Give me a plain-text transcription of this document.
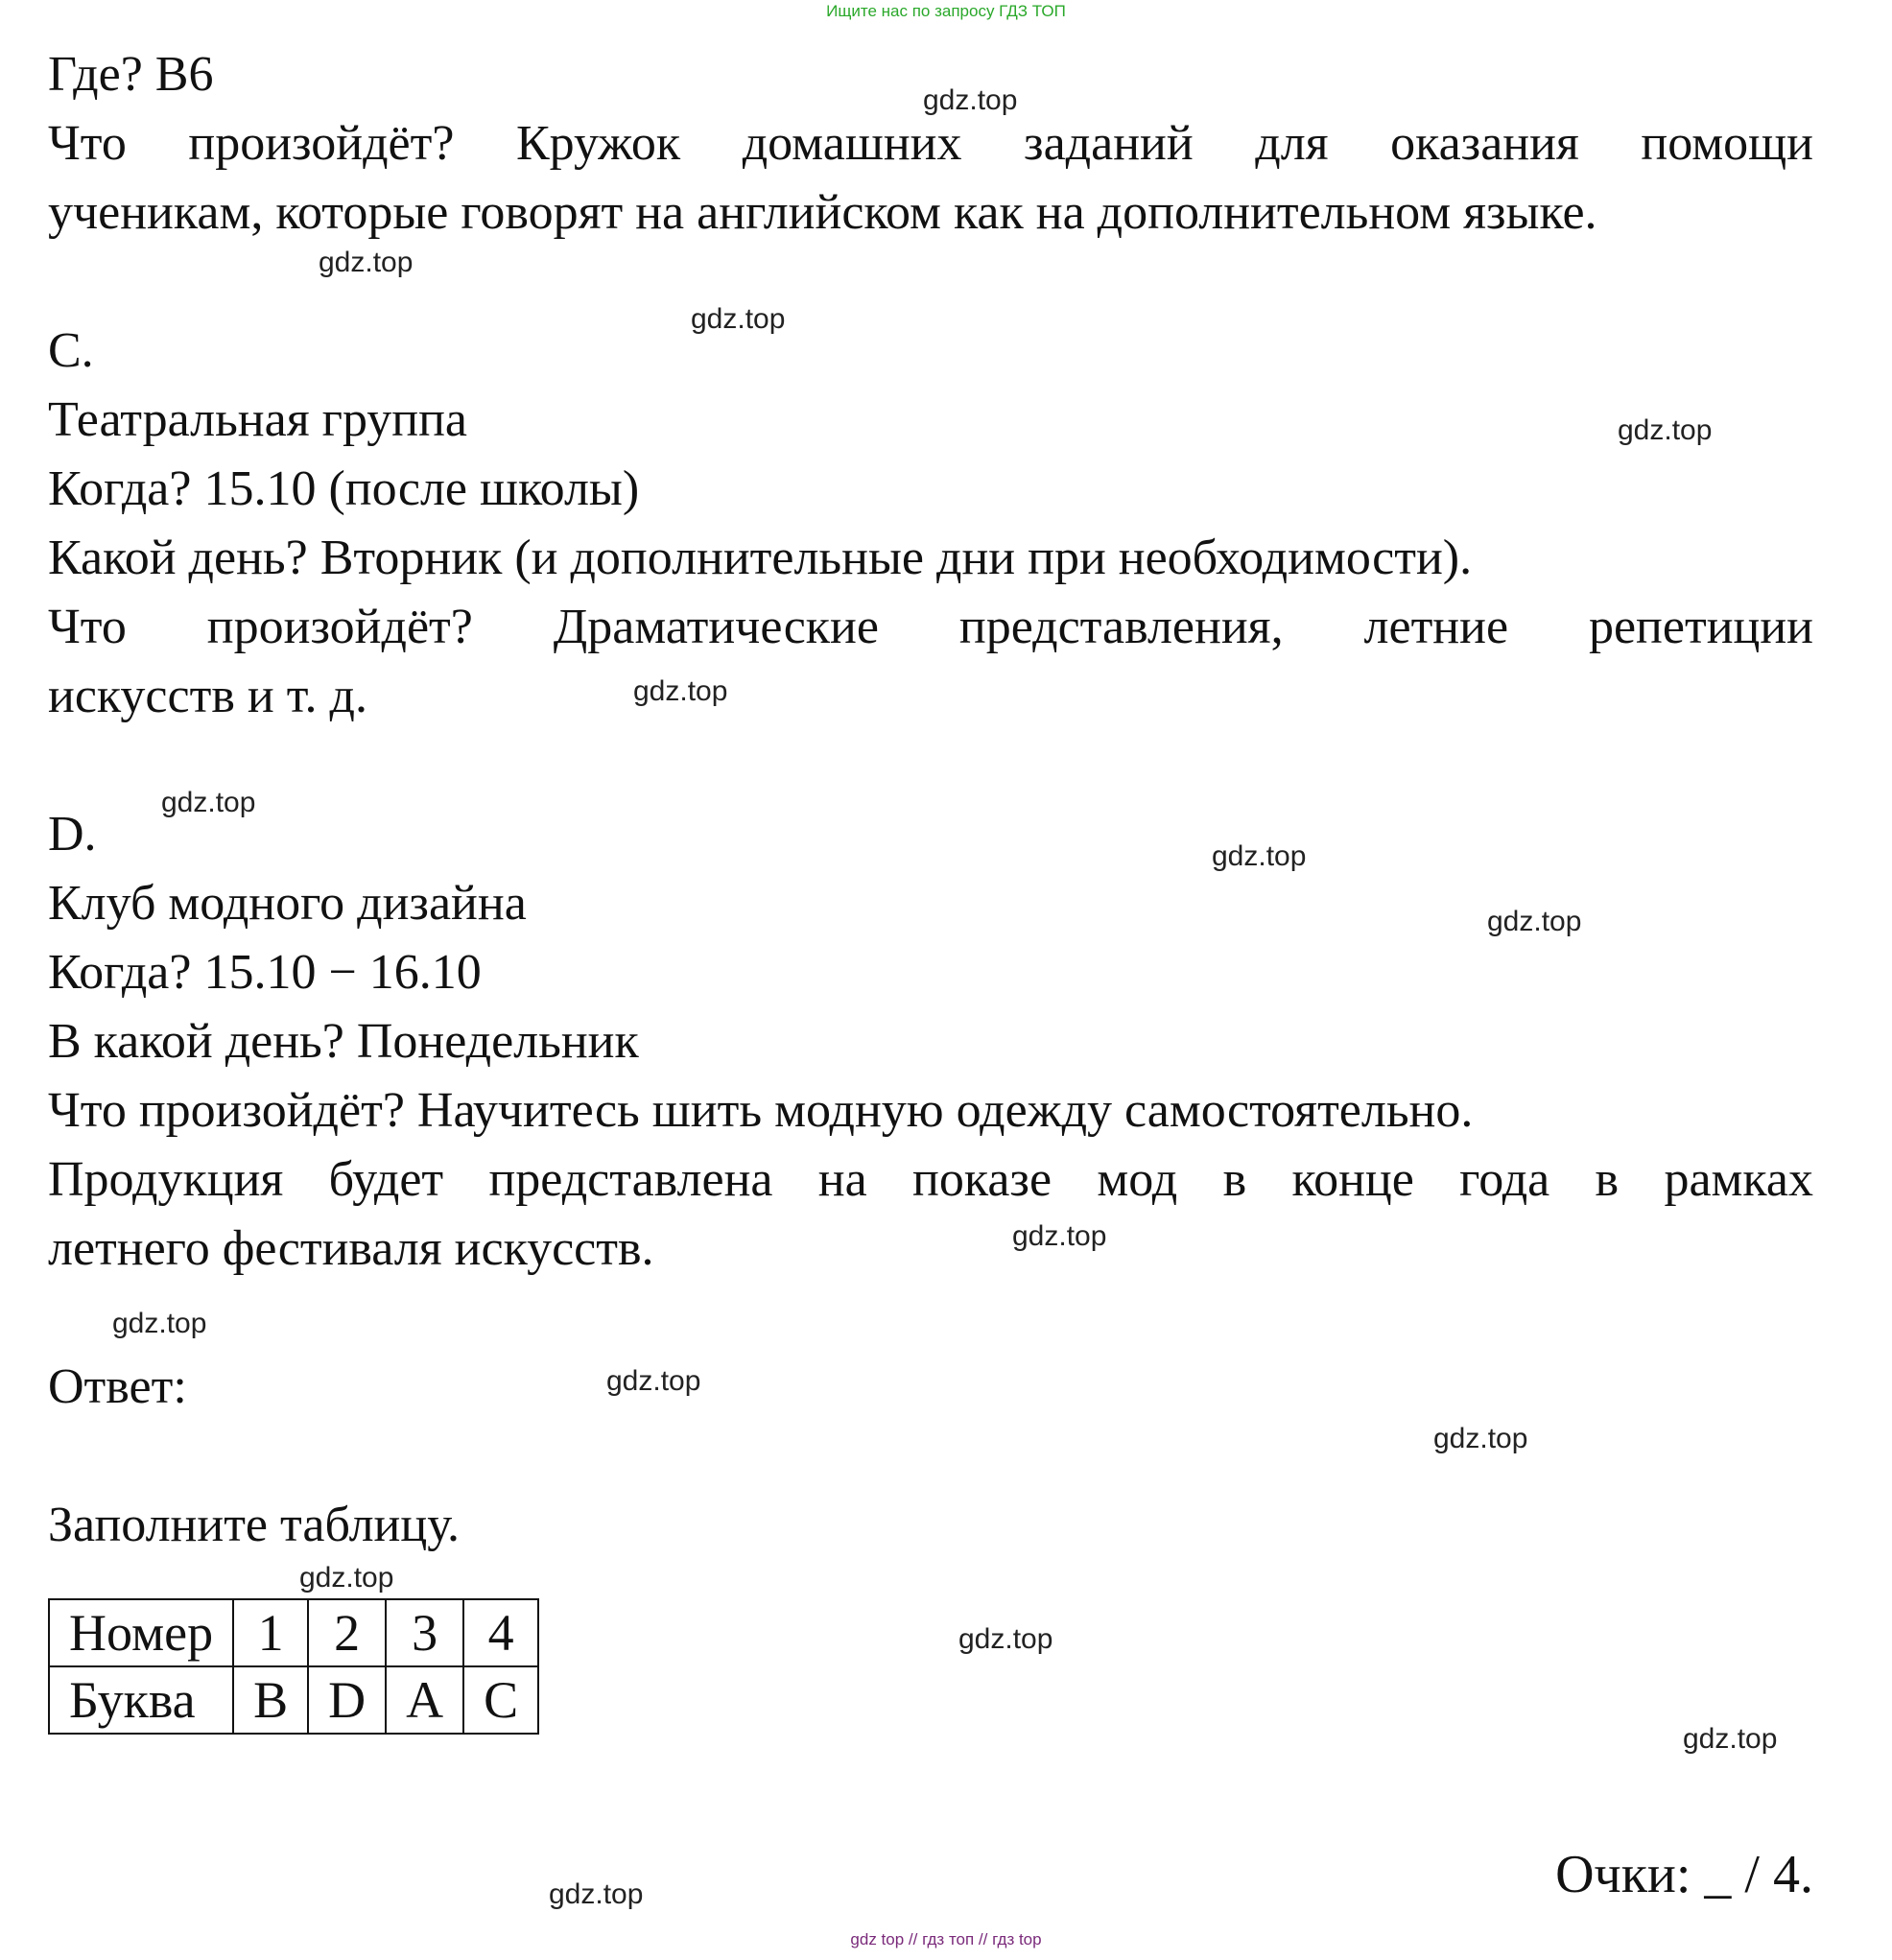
Ищите нас по запросу ГДЗ ТОП

Где? В6

Что произойдёт? Кружок домашних заданий для оказания помощи

ученикам, которые говорят на английском как на дополнительном языке.

C.

Театральная группа

Когда? 15.10 (после школы)

Какой день? Вторник (и дополнительные дни при необходимости).

Что произойдёт? Драматические представления, летние репетиции

искусств и т. д.

D.

Клуб модного дизайна

Когда? 15.10 − 16.10

В какой день? Понедельник

Что произойдёт? Научитесь шить модную одежду самостоятельно.

Продукция будет представлена на показе мод в конце года в рамках

летнего фестиваля искусств.

Ответ:

Заполните таблицу.

Номер	1	2	3	4
Буква	B	D	A	C
Очки: _ / 4.
gdz.top
gdz.top
gdz.top
gdz.top
gdz.top
gdz.top
gdz.top
gdz.top
gdz.top
gdz.top
gdz.top
gdz.top
gdz.top
gdz.top
gdz.top
gdz.top
gdz top // гдз топ // гдз top
